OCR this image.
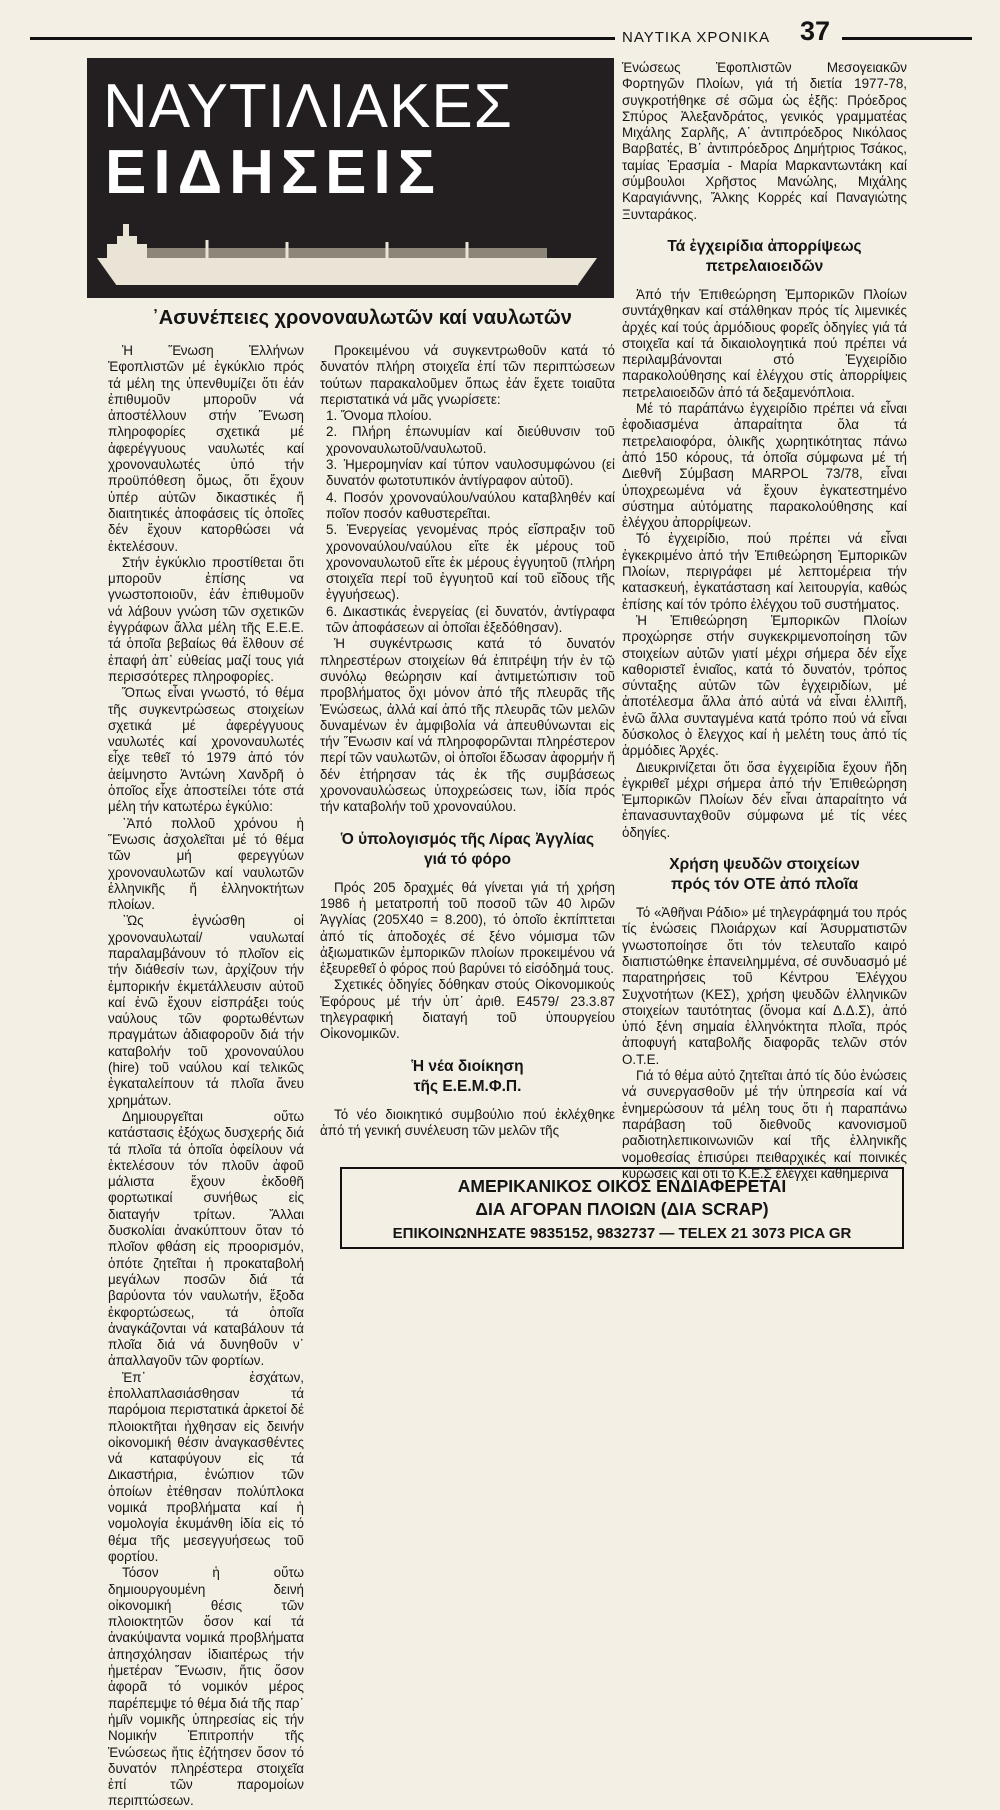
ΝΑΥΤΙΚΑ ΧΡΟΝΙΚΑ 37
ΝΑΥΤΙΛΙΑΚΕΣ
ΕΙΔΗΣΕΙΣ
᾽Ασυνέπειες χρονοναυλωτῶν καί ναυλωτῶν

Ἡ Ἕνωση Ἑλλήνων Ἐφοπλιστῶν μέ ἐγκύκλιο πρός τά μέλη της ὑπενθυμίζει ὅτι ἐάν ἐπιθυμοῦν μποροῦν νά ἀποστέλλουν στήν Ἕνωση πληροφορίες σχετικά μέ ἀφερέγγυους ναυλωτές καί χρονοναυλωτές ὑπό τήν προϋπόθεση ὅμως, ὅτι ἔχουν ὑπέρ αὐτῶν δικαστικές ἤ διαιτητικές ἀποφάσεις τίς ὁποῖες δέν ἔχουν κατορθώσει νά ἐκτελέσουν.

Στήν ἐγκύκλιο προστίθεται ὅτι μποροῦν ἐπίσης να γνωστοποιοῦν, ἐάν ἐπιθυμοῦν νά λάβουν γνώση τῶν σχετικῶν ἐγγράφων ἄλλα μέλη τῆς Ε.Ε.Ε. τά ὁποῖα βεβαίως θά ἔλθουν σέ ἐπαφή ἀπ᾽ εὐθείας μαζί τους γιά περισσότερες πληροφορίες.

Ὅπως εἶναι γνωστό, τό θέμα τῆς συγκεντρώσεως στοιχείων σχετικά μέ ἀφερέγγυους ναυλωτές καί χρονοναυλωτές εἶχε τεθεῖ τό 1979 ἀπό τόν ἀείμνηστο Ἀντώνη Χανδρῆ ὁ ὁποῖος εἶχε ἀποστείλει τότε στά μέλη τήν κατωτέρω ἐγκύλιο:

᾽Ἀπό πολλοῦ χρόνου ἡ Ἕνωσις ἀσχολεῖται μέ τό θέμα τῶν μή φερεγγύων χρονοναυλωτῶν καί ναυλωτῶν ἑλληνικῆς ἤ ἑλληνοκτήτων πλοίων.

᾽Ὡς ἐγνώσθη οἱ χρονοναυλωταί/ ναυλωταί παραλαμβάνουν τό πλοῖον εἰς τήν διάθεσίν των, ἀρχίζουν τήν ἐμπορικήν ἐκμετάλλευσιν αὐτοῦ καί ἐνῶ ἔχουν εἰσπράξει τούς ναύλους τῶν φορτωθέντων πραγμάτων ἀδιαφοροῦν διά τήν καταβολήν τοῦ χρονοναύλου (hire) τοῦ ναύλου καί τελικῶς ἐγκαταλείπουν τά πλοῖα ἄνευ χρημάτων.

Δημιουργεῖται οὕτω κατάστασις ἐξόχως δυσχερής διά τά πλοῖα τά ὁποῖα ὀφείλουν νά ἐκτελέσουν τόν πλοῦν ἀφοῦ μάλιστα ἔχουν ἐκδοθῆ φορτωτικαί συνήθως εἰς διαταγήν τρίτων. Ἄλλαι δυσκολίαι ἀνακύπτουν ὅταν τό πλοῖον φθάση εἰς προορισμόν, ὁπότε ζητεῖται ἡ προκαταβολή μεγάλων ποσῶν διά τά βαρύοντα τόν ναυλωτήν, ἔξοδα ἐκφορτώσεως, τά ὁποῖα ἀναγκάζονται νά καταβάλουν τά πλοῖα διά νά δυνηθοῦν ν᾽ ἀπαλλαγοῦν τῶν φορτίων.

Ἐπ᾽ ἐσχάτων, ἐπολλαπλασιάσθησαν τά παρόμοια περιστατικά ἀρκετοί δέ πλοιοκτῆται ἠχθησαν εἰς δεινήν οἰκονομική θέσιν ἀναγκασθέντες νά καταφύγουν εἰς τά Δικαστήρια, ἐνώπιον τῶν ὁποίων ἐτέθησαν πολύπλοκα νομικά προβλήματα καί ἡ νομολογία ἐκυμάνθη ἰδία εἰς τό θέμα τῆς μεσεγγυήσεως τοῦ φορτίου.

Τόσον ἡ οὕτω δημιουργουμένη δεινή οἰκονομική θέσις τῶν πλοιοκτητῶν ὅσον καί τά ἀνακύψαντα νομικά προβλήματα ἀπησχόλησαν ἰδιαιτέρως τήν ἡμετέραν Ἕνωσιν, ἥτις ὅσον ἀφορᾶ τό νομικόν μέρος παρέπεμψε τό θέμα διά τῆς παρ᾽ ἡμῖν νομικῆς ὑπηρεσίας εἰς τήν Νομικήν Ἐπιτροπήν τῆς Ἑνώσεως ἥτις ἐζήτησεν ὅσον τό δυνατόν πληρέστερα στοιχεῖα ἐπί τῶν παρομοίων περιπτώσεων.

Προκειμένου νά συγκεντρωθοῦν κατά τό δυνατόν πλήρη στοιχεῖα ἐπί τῶν περιπτώσεων τούτων παρακαλοῦμεν ὅπως ἐάν ἔχετε τοιαῦτα περιστατικά νά μᾶς γνωρίσετε:

1. Ὄνομα πλοίου.

2. Πλήρη ἐπωνυμίαν καί διεύθυνσιν τοῦ χρονοναυλωτοῦ/ναυλωτοῦ.

3. Ἡμερομηνίαν καί τύπον ναυλοσυμφώνου (εἰ δυνατόν φωτοτυπικόν ἀντίγραφον αὐτοῦ).

4. Ποσόν χρονοναύλου/ναύλου καταβληθέν καί ποῖον ποσόν καθυστερεῖται.

5. Ἐνεργείας γενομένας πρός εἴσπραξιν τοῦ χρονοναύλου/ναύλου εἴτε ἐκ μέρους τοῦ χρονοναυλωτοῦ εἴτε ἐκ μέρους ἐγγυητοῦ (πλήρη στοιχεῖα περί τοῦ ἐγγυητοῦ καί τοῦ εἴδους τῆς ἐγγυήσεως).

6. Δικαστικάς ἐνεργείας (εἰ δυνατόν, ἀντίγραφα τῶν ἀποφάσεων αἱ ὁποῖαι ἐξεδόθησαν).

Ἡ συγκέντρωσις κατά τό δυνατόν πληρεστέρων στοιχείων θά ἐπιτρέψη τήν ἐν τῷ συνόλῳ θεώρησιν καί ἀντιμετώπισιν τοῦ προβλήματος ὄχι μόνον ἀπό τῆς πλευρᾶς τῆς Ἑνώσεως, ἀλλά καί ἀπό τῆς πλευρᾶς τῶν μελῶν δυναμένων ἐν ἀμφιβολία νά ἀπευθύνωνται εἰς τήν Ἕνωσιν καί νά πληροφορῶνται πληρέστερον περί τῶν ναυλωτῶν, οἱ ὁποῖοι ἔδωσαν ἀφορμήν ἤ δέν ἐτήρησαν τάς ἐκ τῆς συμβάσεως χρονοναυλώσεως ὑποχρεώσεις των, ἰδία πρός τήν καταβολήν τοῦ χρονοναύλου.

Ὁ ὑπολογισμός τῆς Λίρας Ἀγγλίας
γιά τό φόρο

Πρός 205 δραχμές θά γίνεται γιά τή χρήση 1986 ἡ μετατροπή τοῦ ποσοῦ τῶν 40 λιρῶν Ἀγγλίας (205Χ40 = 8.200), τό ὁποῖο ἐκπίπτεται ἀπό τίς ἀποδοχές σέ ξένο νόμισμα τῶν ἀξιωματικῶν ἐμπορικῶν πλοίων προκειμένου νά ἐξευρεθεῖ ὁ φόρος πού βαρύνει τό εἰσόδημά τους.

Σχετικές ὁδηγίες δόθηκαν στούς Οἰκονομικούς Ἐφόρους μέ τήν ὑπ᾽ ἀριθ. Ε4579/ 23.3.87 τηλεγραφική διαταγή τοῦ ὑπουργείου Οἰκονομικῶν.

Ἡ νέα διοίκηση
τῆς Ε.Ε.Μ.Φ.Π.

Τό νέο διοικητικό συμβούλιο πού ἐκλέχθηκε ἀπό τή γενική συνέλευση τῶν μελῶν τῆς

Ἑνώσεως Ἐφοπλιστῶν Μεσογειακῶν Φορτηγῶν Πλοίων, γιά τή διετία 1977-78, συγκροτήθηκε σέ σῶμα ὡς ἑξῆς: Πρόεδρος Σπύρος Ἀλεξανδράτος, γενικός γραμματέας Μιχάλης Σαρλῆς, Α᾽ ἀντιπρόεδρος Νικόλαος Βαρβατές, Β᾽ ἀντιπρόεδρος Δημήτριος Τσάκος, ταμίας Ἐρασμία - Μαρία Μαρκαντωντάκη καί σύμβουλοι Χρῆστος Μανώλης, Μιχάλης Καραγιάννης, Ἄλκης Κορρές καί Παναγιώτης Ξυνταράκος.

Τά ἐγχειρίδια ἀπορρίψεως
πετρελαιοειδῶν

Ἀπό τήν Ἐπιθεώρηση Ἐμπορικῶν Πλοίων συντάχθηκαν καί στάλθηκαν πρός τίς λιμενικές ἀρχές καί τούς ἁρμόδιους φορεῖς ὁδηγίες γιά τά στοιχεῖα καί τά δικαιολογητικά πού πρέπει νά περιλαμβάνονται στό Ἐγχειρίδιο παρακολούθησης καί ἐλέγχου στίς ἀπορρίψεις πετρελαιοειδῶν ἀπό τά δεξαμενόπλοια.

Μέ τό παράπάνω ἐγχειρίδιο πρέπει νά εἶναι ἐφοδιασμένα ἀπαραίτητα ὅλα τά πετρελαιοφόρα, ὁλικῆς χωρητικότητας πάνω ἀπό 150 κόρους, τά ὁποῖα σύμφωνα μέ τή Διεθνῆ Σύμβαση MARPOL 73/78, εἶναι ὑποχρεωμένα νά ἔχουν ἐγκατεστημένο σύστημα αὐτόματης παρακολούθησης καί ἐλέγχου ἀπορρίψεων.

Τό ἐγχειρίδιο, πού πρέπει νά εἶναι ἐγκεκριμένο ἀπό τήν Ἐπιθεώρηση Ἐμπορικῶν Πλοίων, περιγράφει μέ λεπτομέρεια τήν κατασκευή, ἐγκατάσταση καί λειτουργία, καθώς ἐπίσης καί τόν τρόπο ἐλέγχου τοῦ συστήματος.

Ἡ Ἐπιθεώρηση Ἐμπορικῶν Πλοίων προχώρησε στήν συγκεκριμενοποίηση τῶν στοιχείων αὐτῶν γιατί μέχρι σήμερα δέν εἶχε καθοριστεῖ ἑνιαῖος, κατά τό δυνατόν, τρόπος σύνταξης αὐτῶν τῶν ἐγχειριδίων, μέ ἀποτέλεσμα ἄλλα ἀπό αὐτά νά εἶναι ἐλλιπῆ, ἐνῶ ἄλλα συνταγμένα κατά τρόπο πού νά εἶναι δύσκολος ὁ ἔλεγχος καί ἡ μελέτη τους ἀπό τίς ἁρμόδιες Ἀρχές.

Διευκρινίζεται ὅτι ὅσα ἐγχειρίδια ἔχουν ἤδη ἐγκριθεῖ μέχρι σήμερα ἀπό τήν Ἐπιθεώρηση Ἐμπορικῶν Πλοίων δέν εἶναι ἀπαραίτητο νά ἐπανασυνταχθοῦν σύμφωνα μέ τίς νέες ὁδηγίες.

Χρήση ψευδῶν στοιχείων
πρός τόν ΟΤΕ ἀπό πλοῖα

Τό «Ἀθῆναι Ράδιο» μέ τηλεγράφημά του πρός τίς ἑνώσεις Πλοιάρχων καί Ἀσυρματιστῶν γνωστοποίησε ὅτι τόν τελευταῖο καιρό διαπιστώθηκε ἐπανειλημμένα, σέ συνδυασμό μέ παρατηρήσεις τοῦ Κέντρου Ἐλέγχου Συχνοτήτων (ΚΕΣ), χρήση ψευδῶν ἑλληνικῶν στοιχείων ταυτότητας (ὄνομα καί Δ.Δ.Σ), ἀπό ὑπό ξένη σημαία ἑλληνόκτητα πλοῖα, πρός ἀποφυγή καταβολῆς διαφορᾶς τελῶν στόν Ο.Τ.Ε.

Γιά τό θέμα αὐτό ζητεῖται ἀπό τίς δύο ἑνώσεις νά συνεργασθοῦν μέ τήν ὑπηρεσία καί νά ἐνημερώσουν τά μέλη τους ὅτι ἡ παραπάνω παράβαση τοῦ διεθνοῦς κανονισμοῦ ραδιοτηλεπικοινωνιῶν καί τῆς ἑλληνικῆς νομοθεσίας ἐπισύρει πειθαρχικές καί ποινικές κυρώσεις καί ὅτι τό Κ.Ε.Σ ἐλέγχει καθημερινά

ΑΜΕΡΙΚΑΝΙΚΟΣ ΟΙΚΟΣ ΕΝΔΙΑΦΕΡΕΤΑΙ
ΔΙΑ ΑΓΟΡΑΝ ΠΛΟΙΩΝ (ΔΙΑ SCRAP)
ΕΠΙΚΟΙΝΩΝΗΣΑΤΕ 9835152, 9832737 — TELEX 21 3073 PICA GR
